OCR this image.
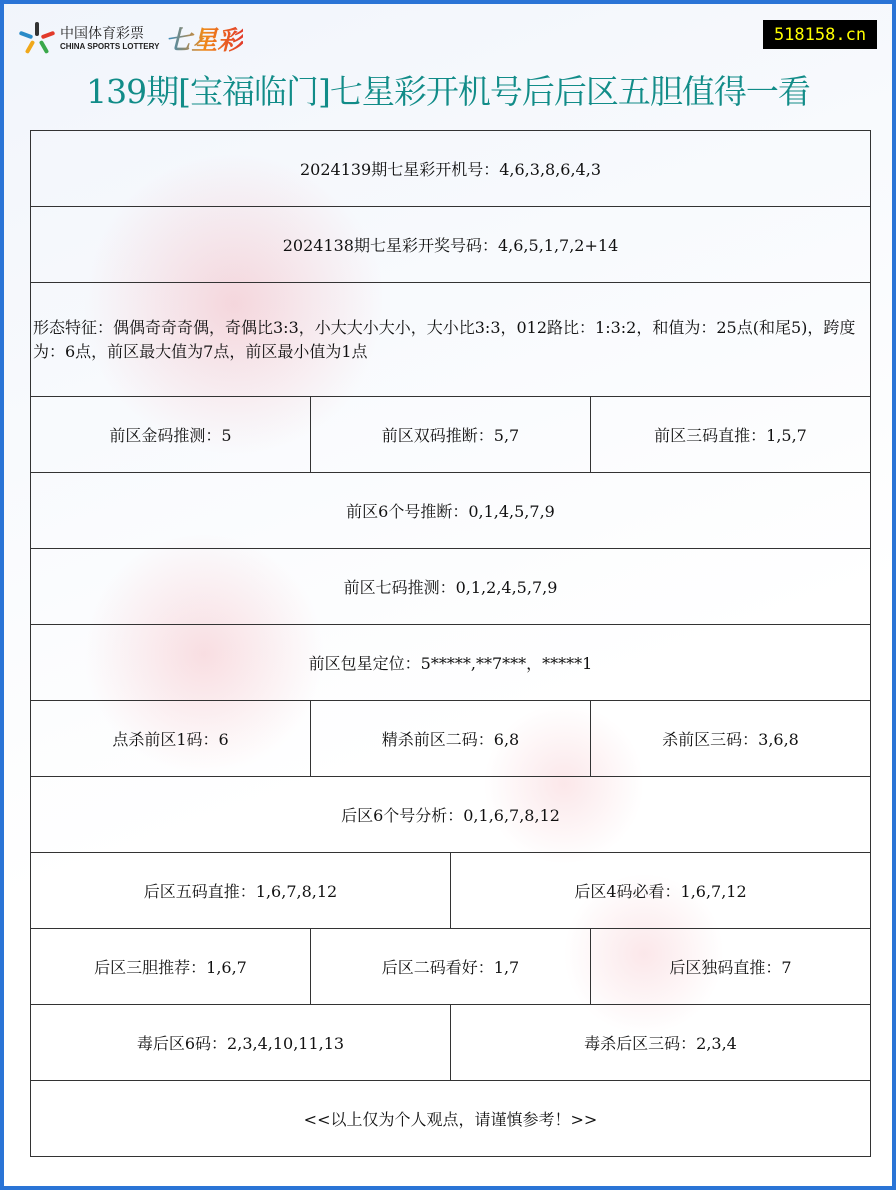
中国体育彩票
CHINA SPORTS LOTTERY 七星彩	518158.cn
139期[宝福临门]七星彩开机号后后区五胆值得一看
2024139期七星彩开机号：4,6,3,8,6,4,3			
2024138期七星彩开奖号码：4,6,5,1,7,2+14			
形态特征：偶偶奇奇奇偶，奇偶比3:3，小大大小大小，大小比3:3，012路比：1:3:2，和值为：25点(和尾5)，跨度为：6点，前区最大值为7点，前区最小值为1点			
前区金码推测：5	前区双码推断：5,7		前区三码直推：1,5,7
前区6个号推断：0,1,4,5,7,9			
前区七码推测：0,1,2,4,5,7,9			
前区包星定位：5*****,**7***，*****1			
点杀前区1码：6	精杀前区二码：6,8		杀前区三码：3,6,8
后区6个号分析：0,1,6,7,8,12			
后区五码直推：1,6,7,8,12		后区4码必看：1,6,7,12	
后区三胆推荐：1,6,7	后区二码看好：1,7		后区独码直推：7
毒后区6码：2,3,4,10,11,13		毒杀后区三码：2,3,4	
<<以上仅为个人观点，请谨慎参考！>>			
